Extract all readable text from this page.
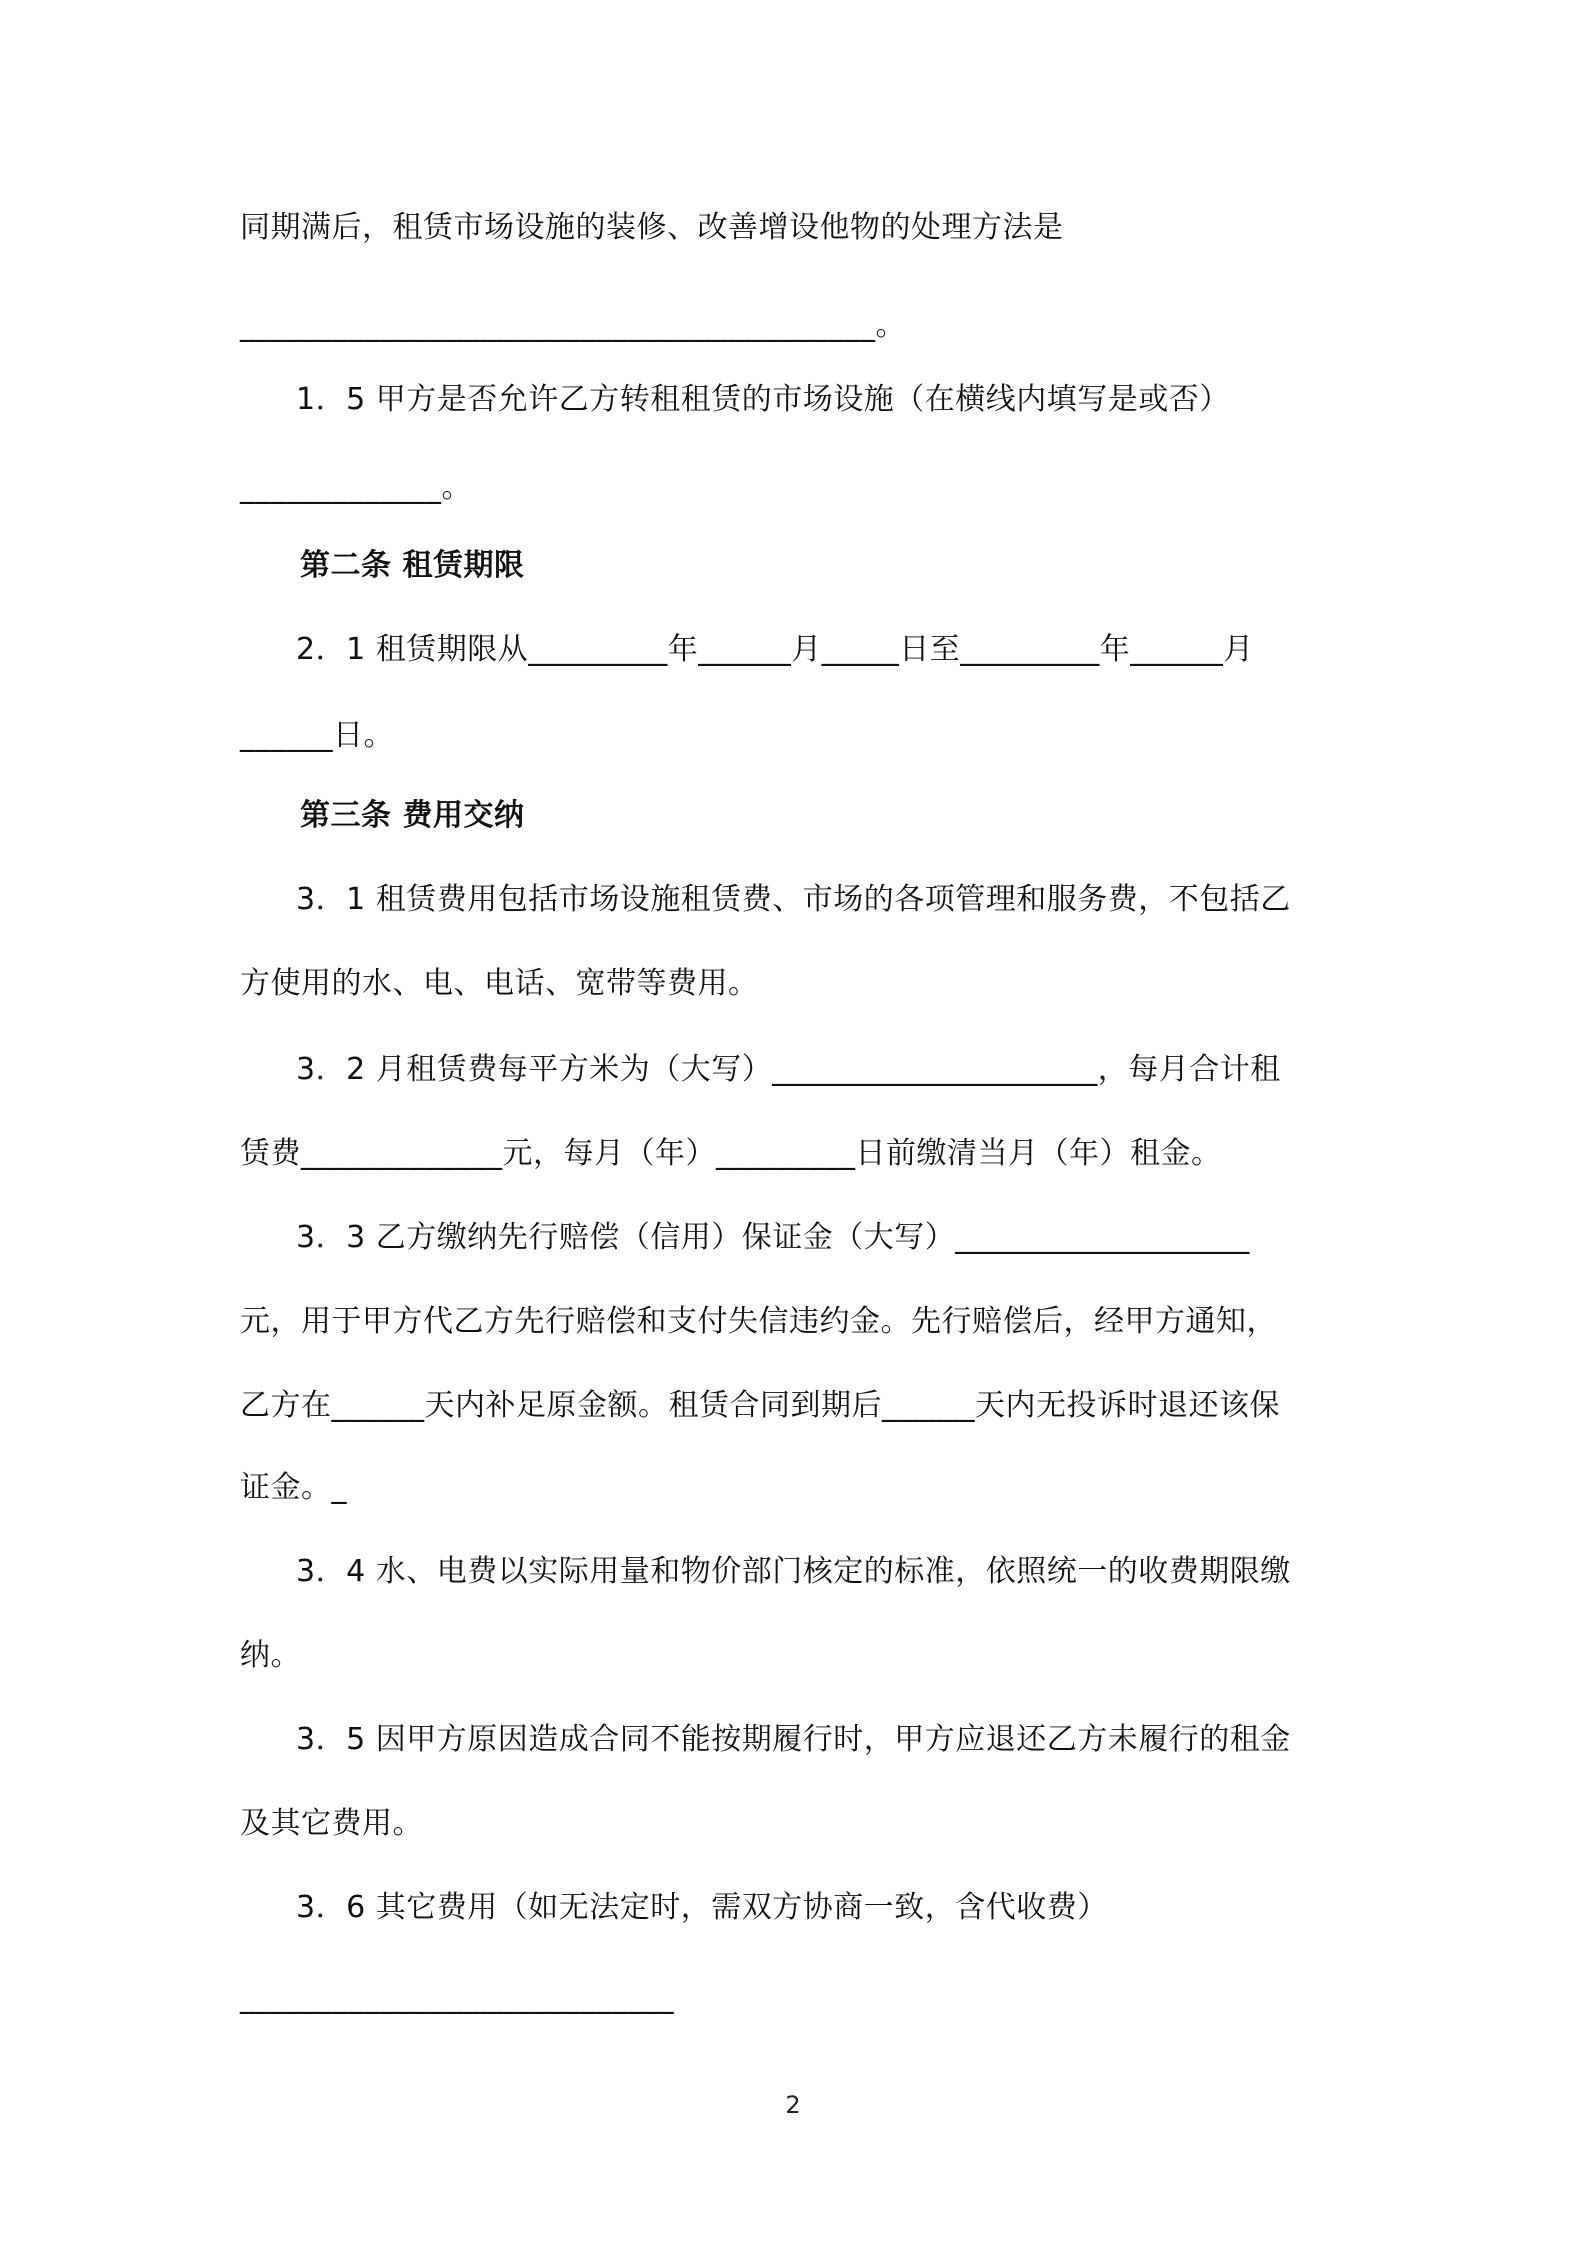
同期满后，租赁市场设施的装修、改善增设他物的处理方法是
_________________________________________。
1．5 甲方是否允许乙方转租租赁的市场设施（在横线内填写是或否）
_____________。
第二条 租赁期限
2．1 租赁期限从_________年______月_____日至_________年______月
______日。
第三条 费用交纳
3．1 租赁费用包括市场设施租赁费、市场的各项管理和服务费，不包括乙
方使用的水、电、电话、宽带等费用。
3．2 月租赁费每平方米为（大写）_____________________，每月合计租
赁费_____________元，每月（年）_________日前缴清当月（年）租金。
3．3 乙方缴纳先行赔偿（信用）保证金（大写）___________________
元，用于甲方代乙方先行赔偿和支付失信违约金。先行赔偿后，经甲方通知，
乙方在______天内补足原金额。租赁合同到期后______天内无投诉时退还该保
证金。_
3．4 水、电费以实际用量和物价部门核定的标准，依照统一的收费期限缴
纳。
3．5 因甲方原因造成合同不能按期履行时，甲方应退还乙方未履行的租金
及其它费用。
3．6 其它费用（如无法定时，需双方协商一致，含代收费）
____________________________
2
